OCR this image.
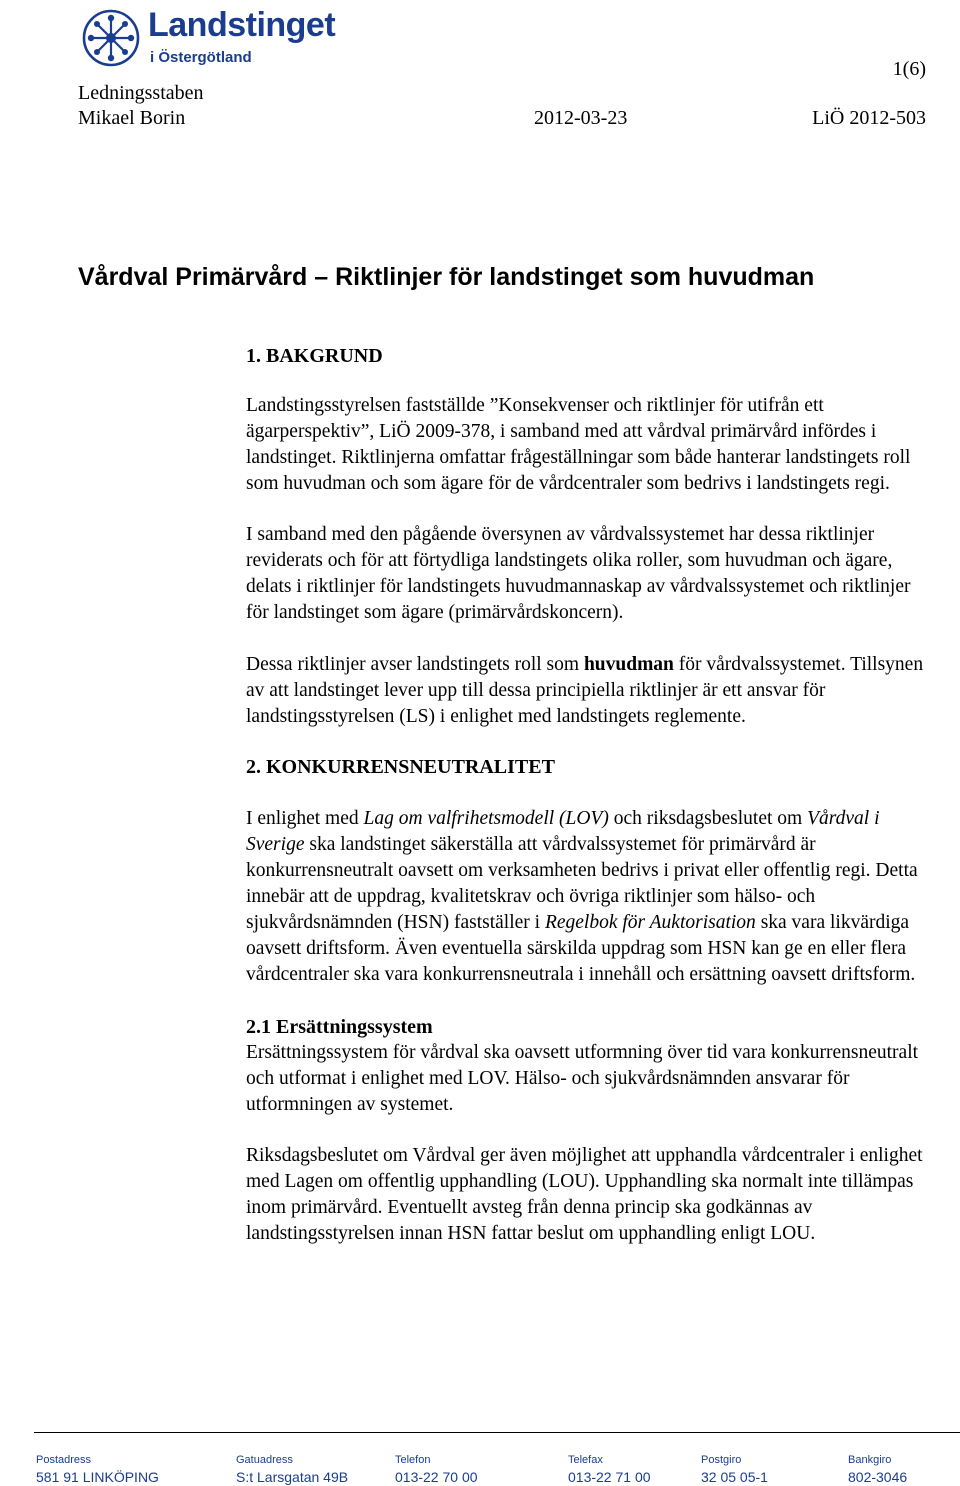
Landstinget
i Östergötland
1(6)
Ledningsstaben
Mikael Borin	2012-03-23	LiÖ 2012-503
Vårdval Primärvård – Riktlinjer för landstinget som huvudman
1. BAKGRUND

Landstingsstyrelsen fastställde ”Konsekvenser och riktlinjer för utifrån ett ägarperspektiv”, LiÖ 2009-378, i samband med att vårdval primärvård infördes i landstinget. Riktlinjerna omfattar frågeställningar som både hanterar landstingets roll som huvudman och som ägare för de vårdcentraler som bedrivs i landstingets regi.

I samband med den pågående översynen av vårdvalssystemet har dessa riktlinjer reviderats och för att förtydliga landstingets olika roller, som huvudman och ägare, delats i riktlinjer för landstingets huvudmannaskap av vårdvalssystemet och riktlinjer för landstinget som ägare (primärvårdskoncern).

Dessa riktlinjer avser landstingets roll som huvudman för vårdvalssystemet. Tillsynen av att landstinget lever upp till dessa principiella riktlinjer är ett ansvar för landstingsstyrelsen (LS) i enlighet med landstingets reglemente.

2. KONKURRENSNEUTRALITET

I enlighet med Lag om valfrihetsmodell (LOV) och riksdagsbeslutet om Vårdval i Sverige ska landstinget säkerställa att vårdvalssystemet för primärvård är konkurrensneutralt oavsett om verksamheten bedrivs i privat eller offentlig regi. Detta innebär att de uppdrag, kvalitetskrav och övriga riktlinjer som hälso- och sjukvårdsnämnden (HSN) fastställer i Regelbok för Auktorisation ska vara likvärdiga oavsett driftsform. Även eventuella särskilda uppdrag som HSN kan ge en eller flera vårdcentraler ska vara konkurrensneutrala i innehåll och ersättning oavsett driftsform.

2.1 Ersättningssystem

Ersättningssystem för vårdval ska oavsett utformning över tid vara konkurrensneutralt och utformat i enlighet med LOV. Hälso- och sjukvårdsnämnden ansvarar för utformningen av systemet.

Riksdagsbeslutet om Vårdval ger även möjlighet att upphandla vårdcentraler i enlighet med Lagen om offentlig upphandling (LOU). Upphandling ska normalt inte tillämpas inom primärvård. Eventuellt avsteg från denna princip ska godkännas av landstingsstyrelsen innan HSN fattar beslut om upphandling enligt LOU.

Postadress
581 91 LINKÖPING
Gatuadress
S:t Larsgatan 49B
Telefon
013-22 70 00
Telefax
013-22 71 00
Postgiro
32 05 05-1
Bankgiro
802-3046
